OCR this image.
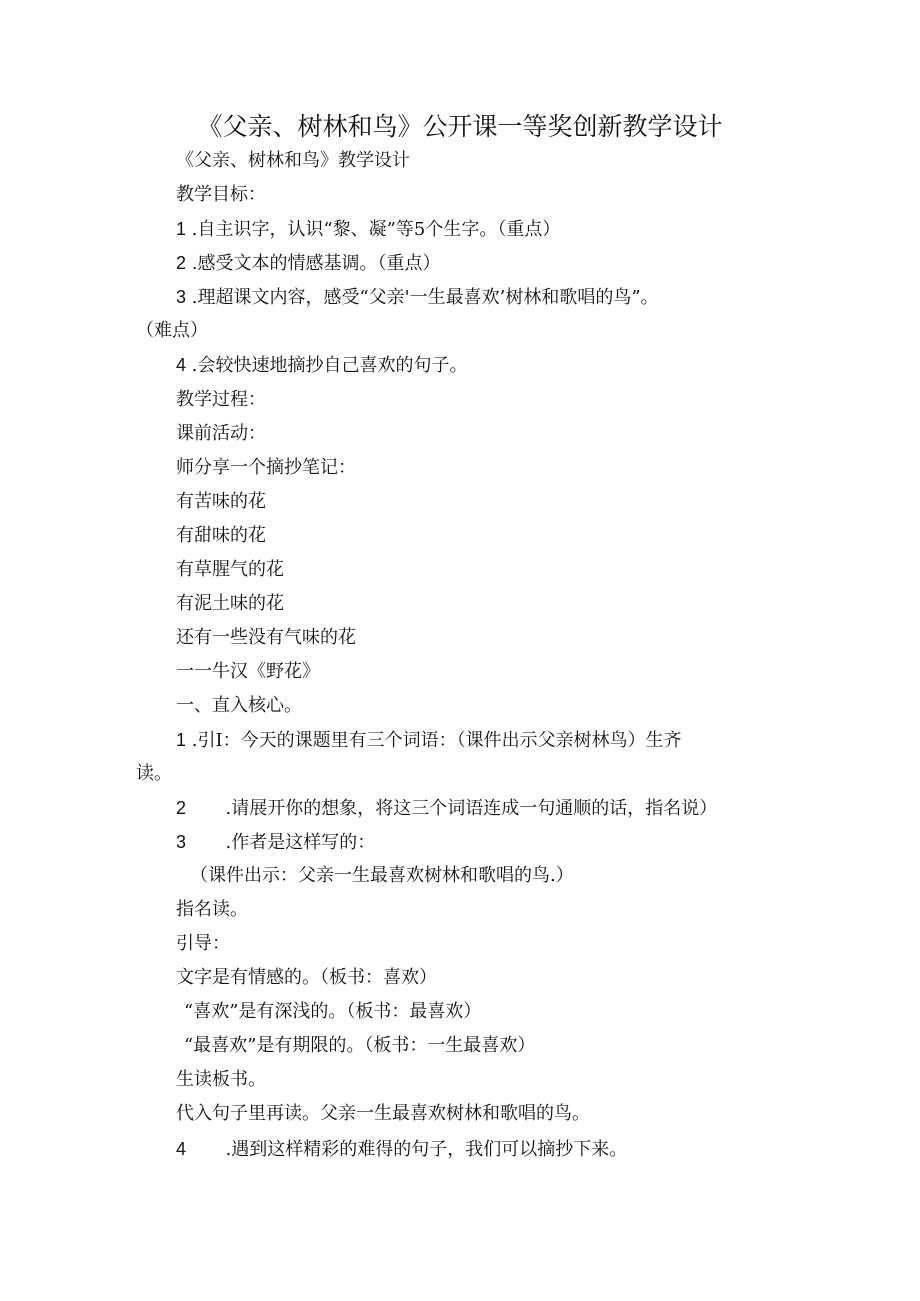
《父亲、树林和鸟》公开课一等奖创新教学设计
《父亲、树林和鸟》教学设计
教学目标：
1 .自主识字，认识“黎、凝”等5个生字。（重点）
2 .感受文本的情感基调。（重点）
3 .理超课文内容，感受“父亲'一生最喜欢’树林和歌唱的鸟”。
（难点）
4 .会较快速地摘抄自己喜欢的句子。
教学过程：
课前活动：
师分享一个摘抄笔记：
有苦味的花
有甜味的花
有草腥气的花
有泥土味的花
还有一些没有气味的花
一一牛汉《野花》
一、直入核心。
1 .引I：今天的课题里有三个词语：（课件出示父亲树林鸟）生齐
读。
2 .请展开你的想象，将这三个词语连成一句通顺的话，指名说）
3 .作者是这样写的：
（课件出示：父亲一生最喜欢树林和歌唱的鸟.）
指名读。
引导：
文字是有情感的。（板书：喜欢）
“喜欢”是有深浅的。（板书：最喜欢）
“最喜欢”是有期限的。（板书：一生最喜欢）
生读板书。
代入句子里再读。父亲一生最喜欢树林和歌唱的鸟。
4 .遇到这样精彩的难得的句子，我们可以摘抄下来。
